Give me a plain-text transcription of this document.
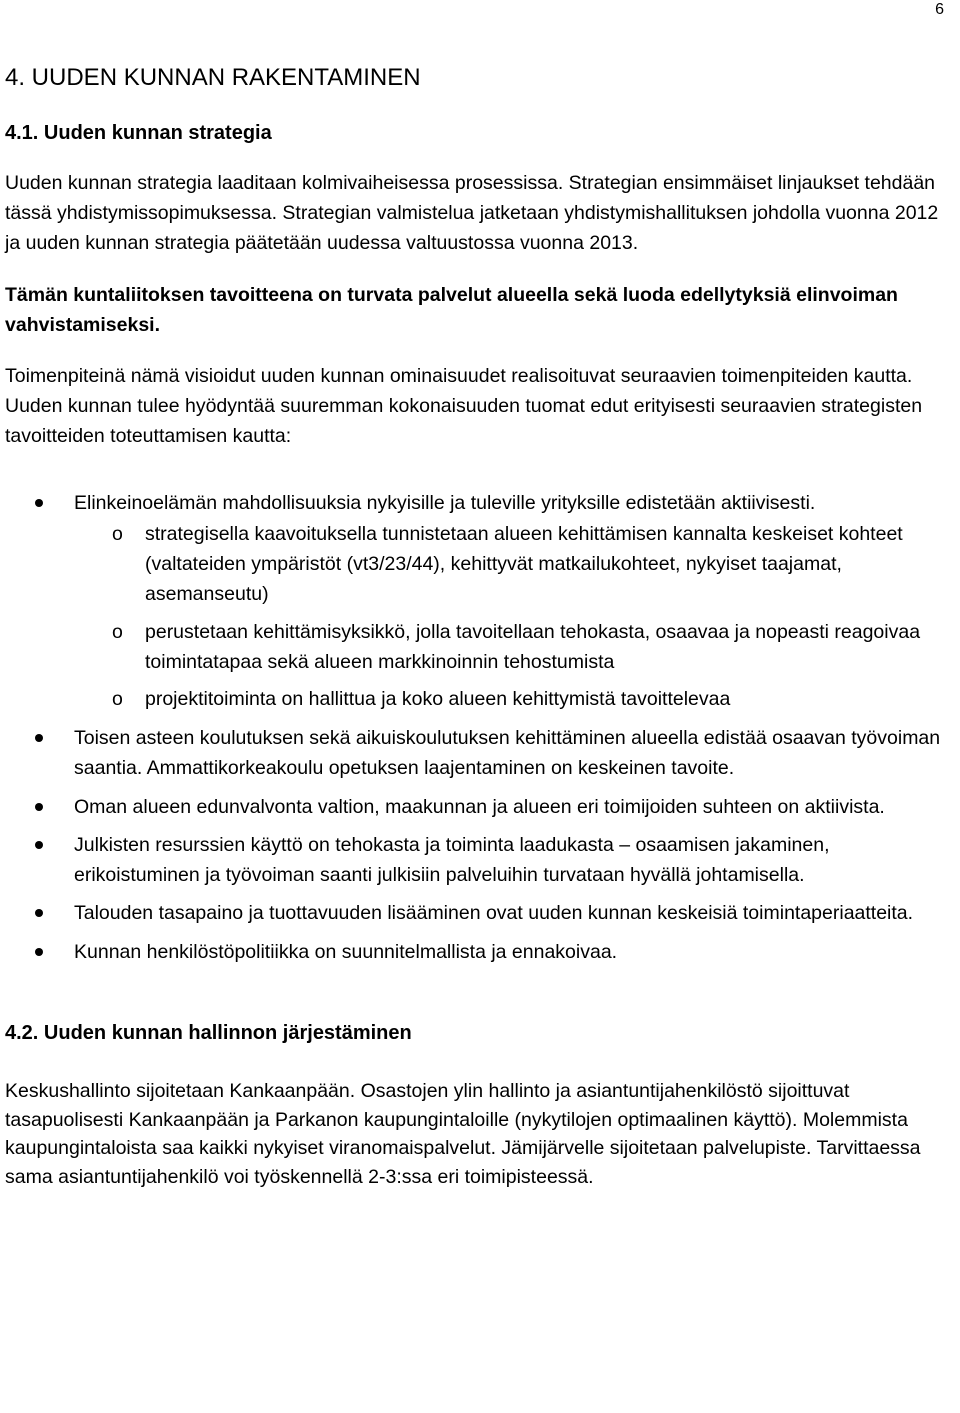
6
4. UUDEN KUNNAN RAKENTAMINEN
4.1. Uuden kunnan strategia

Uuden kunnan strategia laaditaan kolmivaiheisessa prosessissa. Strategian ensimmäiset linjaukset tehdään tässä yhdistymissopimuksessa. Strategian valmistelua jatketaan yhdistymishallituksen johdolla vuonna 2012 ja uuden kunnan strategia päätetään uudessa valtuustossa vuonna 2013.

Tämän kuntaliitoksen tavoitteena on turvata palvelut alueella sekä luoda edellytyksiä elinvoiman vahvistamiseksi.

Toimenpiteinä nämä visioidut uuden kunnan ominaisuudet realisoituvat seuraavien toimenpiteiden kautta. Uuden kunnan tulee hyödyntää suuremman kokonaisuuden tuomat edut erityisesti seuraavien strategisten tavoitteiden toteuttamisen kautta:

Elinkeinoelämän mahdollisuuksia nykyisille ja tuleville yrityksille edistetään aktiivisesti.
o strategisella kaavoituksella tunnistetaan alueen kehittämisen kannalta keskeiset kohteet (valtateiden ympäristöt (vt3/23/44), kehittyvät matkailukohteet, nykyiset taajamat, asemanseutu)
o perustetaan kehittämisyksikkö, jolla tavoitellaan tehokasta, osaavaa ja nopeasti reagoivaa toimintatapaa sekä alueen markkinoinnin tehostumista
o projektitoiminta on hallittua ja koko alueen kehittymistä tavoittelevaa
Toisen asteen koulutuksen sekä aikuiskoulutuksen kehittäminen alueella edistää osaavan työvoiman saantia. Ammattikorkeakoulu opetuksen laajentaminen on keskeinen tavoite.
Oman alueen edunvalvonta valtion, maakunnan ja alueen eri toimijoiden suhteen on aktiivista.
Julkisten resurssien käyttö on tehokasta ja toiminta laadukasta – osaamisen jakaminen, erikoistuminen ja työvoiman saanti julkisiin palveluihin turvataan hyvällä johtamisella.
Talouden tasapaino ja tuottavuuden lisääminen ovat uuden kunnan keskeisiä toimintaperiaatteita.
Kunnan henkilöstöpolitiikka on suunnitelmallista ja ennakoivaa.
4.2. Uuden kunnan hallinnon järjestäminen

Keskushallinto sijoitetaan Kankaanpään. Osastojen ylin hallinto ja asiantuntijahenkilöstö sijoittuvat tasapuolisesti Kankaanpään ja Parkanon kaupungintaloille (nykytilojen optimaalinen käyttö). Molemmista kaupungintaloista saa kaikki nykyiset viranomaispalvelut. Jämijärvelle sijoitetaan palvelupiste. Tarvittaessa sama asiantuntijahenkilö voi työskennellä 2-3:ssa eri toimipisteessä.
